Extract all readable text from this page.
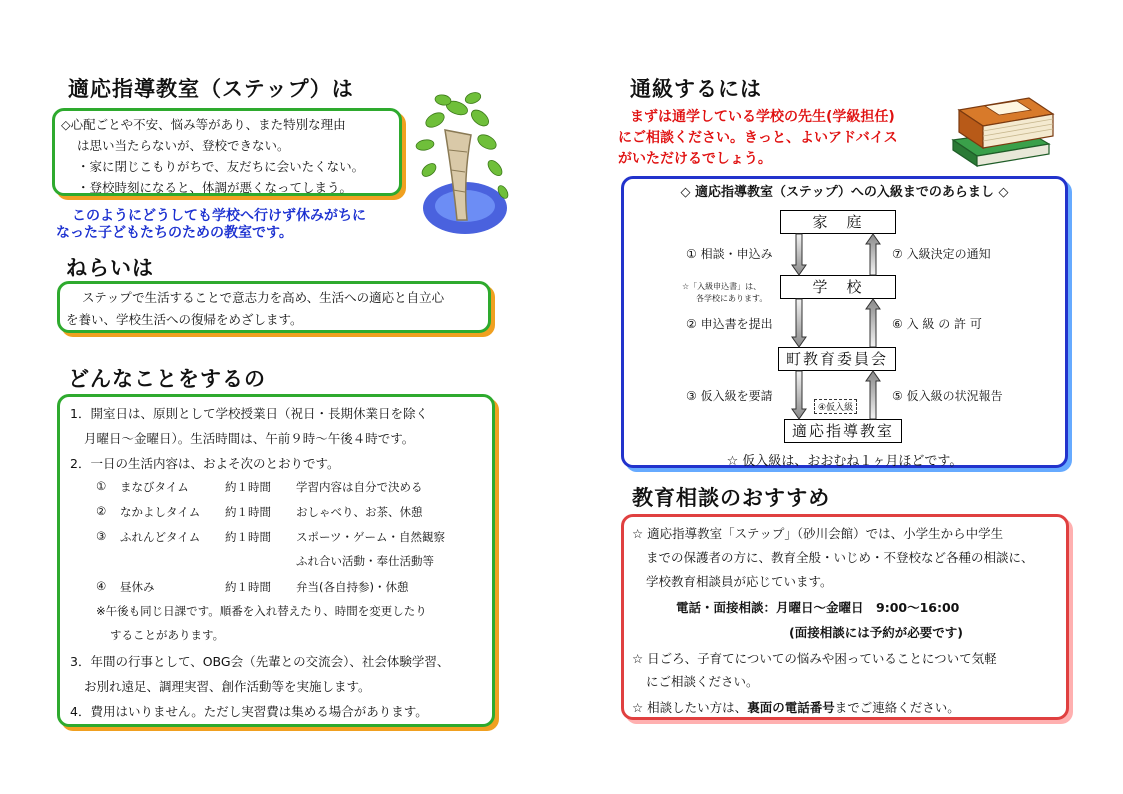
適応指導教室（ステップ）は
◇心配ごとや不安、悩み等があり、また特別な理由
は思い当たらないが、登校できない。
・家に閉じこもりがちで、友だちに会いたくない。
・登校時刻になると、体調が悪くなってしまう。
このようにどうしても学校へ行けず休みがちに
なった子どもたちのための教室です。
ねらいは
ステップで生活することで意志力を高め、生活への適応と自立心
を養い、学校生活への復帰をめざします。
どんなことをするの
1．開室日は、原則として学校授業日（祝日・長期休業日を除く
月曜日～金曜日）。生活時間は、午前９時～午後４時です。
2．一日の生活内容は、およそ次のとおりです。
① まなびタイム	約１時間 学習内容は自分で決める
② なかよしタイム 約１時間 おしゃべり、お茶、休憩
③ ふれんどタイム 約１時間 スポーツ・ゲーム・自然観察
ふれ合い活動・奉仕活動等
④ 昼休み	約１時間 弁当(各自持参)・休憩
※午後も同じ日課です。順番を入れ替えたり、時間を変更したり
することがあります。
3．年間の行事として、OBG会（先輩との交流会）、社会体験学習、
お別れ遠足、調理実習、創作活動等を実施します。
4．費用はいりません。ただし実習費は集める場合があります。
通級するには
まずは通学している学校の先生(学級担任)
にご相談ください。きっと、よいアドバイス
がいただけるでしょう。
◇ 適応指導教室（ステップ）への入級までのあらまし ◇
家　庭
学　校
町教育委員会
適応指導教室
① 相談・申込み	⑦ 入級決定の通知
☆「入級申込書」は、
各学校にあります。
② 申込書を提出	⑥ 入 級 の 許 可
③ 仮入級を要請	⑤ 仮入級の状況報告
④仮入級
☆ 仮入級は、おおむね１ヶ月ほどです。
教育相談のおすすめ
☆ 適応指導教室「ステップ」（砂川会館）では、小学生から中学生
までの保護者の方に、教育全般・いじめ・不登校など各種の相談に、
学校教育相談員が応じています。
電話・面接相談：月曜日～金曜日　9:00～16:00
(面接相談には予約が必要です)
☆ 日ごろ、子育てについての悩みや困っていることについて気軽
にご相談ください。
☆ 相談したい方は、裏面の電話番号までご連絡ください。
